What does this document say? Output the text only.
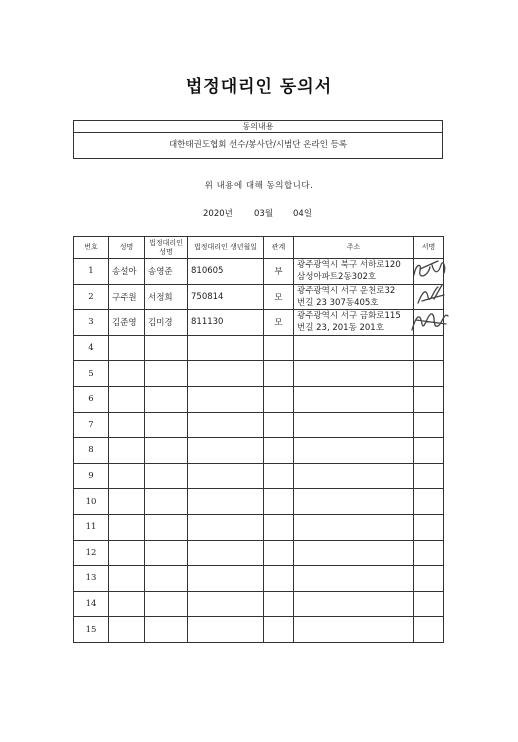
법정대리인 동의서
동의내용
대한태권도협회 선수/봉사단/시범단 온라인 등록
위 내용에 대해 동의합니다.
2020년 03월 04일
번호	성명	법정대리인 성명	법정대리인 생년월일	관계	주소	서명
1	송설아	송영준	810605	부	광주광역시 북구 서하로120
삼성아파트2동302호

2	구주원	서정희	750814	모	광주광역시 서구 운천로32
번길 23 307동405호

3	김준영	김미경	811130	모	광주광역시 서구 금화로115
번길 23, 201동 201호

4					

5					

6					

7					

8					

9					

10					

11					

12					

13					

14					

15					
